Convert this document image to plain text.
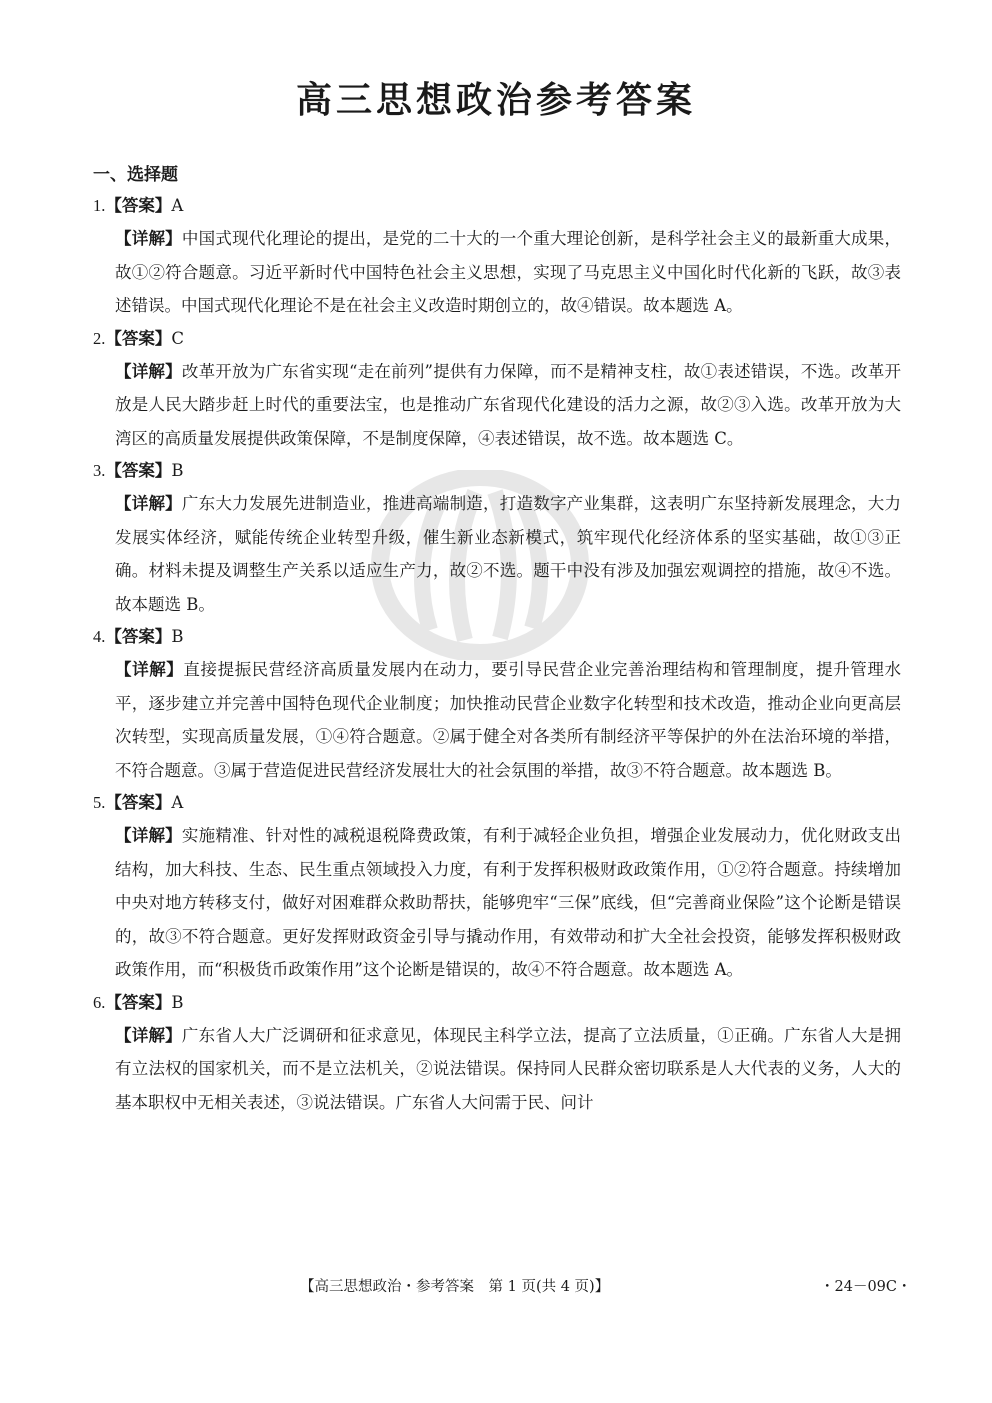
高三思想政治参考答案
一、选择题
1.【答案】A
【详解】中国式现代化理论的提出，是党的二十大的一个重大理论创新，是科学社会主义的最新重大成果，故①②符合题意。习近平新时代中国特色社会主义思想，实现了马克思主义中国化时代化新的飞跃，故③表述错误。中国式现代化理论不是在社会主义改造时期创立的，故④错误。故本题选 A。
2.【答案】C
【详解】改革开放为广东省实现“走在前列”提供有力保障，而不是精神支柱，故①表述错误，不选。改革开放是人民大踏步赶上时代的重要法宝，也是推动广东省现代化建设的活力之源，故②③入选。改革开放为大湾区的高质量发展提供政策保障，不是制度保障，④表述错误，故不选。故本题选 C。
3.【答案】B
【详解】广东大力发展先进制造业，推进高端制造，打造数字产业集群，这表明广东坚持新发展理念，大力发展实体经济，赋能传统企业转型升级，催生新业态新模式，筑牢现代化经济体系的坚实基础，故①③正确。材料未提及调整生产关系以适应生产力，故②不选。题干中没有涉及加强宏观调控的措施，故④不选。故本题选 B。
4.【答案】B
【详解】直接提振民营经济高质量发展内在动力，要引导民营企业完善治理结构和管理制度，提升管理水平，逐步建立并完善中国特色现代企业制度；加快推动民营企业数字化转型和技术改造，推动企业向更高层次转型，实现高质量发展，①④符合题意。②属于健全对各类所有制经济平等保护的外在法治环境的举措，不符合题意。③属于营造促进民营经济发展壮大的社会氛围的举措，故③不符合题意。故本题选 B。
5.【答案】A
【详解】实施精准、针对性的减税退税降费政策，有利于减轻企业负担，增强企业发展动力，优化财政支出结构，加大科技、生态、民生重点领域投入力度，有利于发挥积极财政政策作用，①②符合题意。持续增加中央对地方转移支付，做好对困难群众救助帮扶，能够兜牢“三保”底线，但“完善商业保险”这个论断是错误的，故③不符合题意。更好发挥财政资金引导与撬动作用，有效带动和扩大全社会投资，能够发挥积极财政政策作用，而“积极货币政策作用”这个论断是错误的，故④不符合题意。故本题选 A。
6.【答案】B
【详解】广东省人大广泛调研和征求意见，体现民主科学立法，提高了立法质量，①正确。广东省人大是拥有立法权的国家机关，而不是立法机关，②说法错误。保持同人民群众密切联系是人大代表的义务，人大的基本职权中无相关表述，③说法错误。广东省人大问需于民、问计
【高三思想政治・参考答案　第 1 页(共 4 页)】	・24－09C・
